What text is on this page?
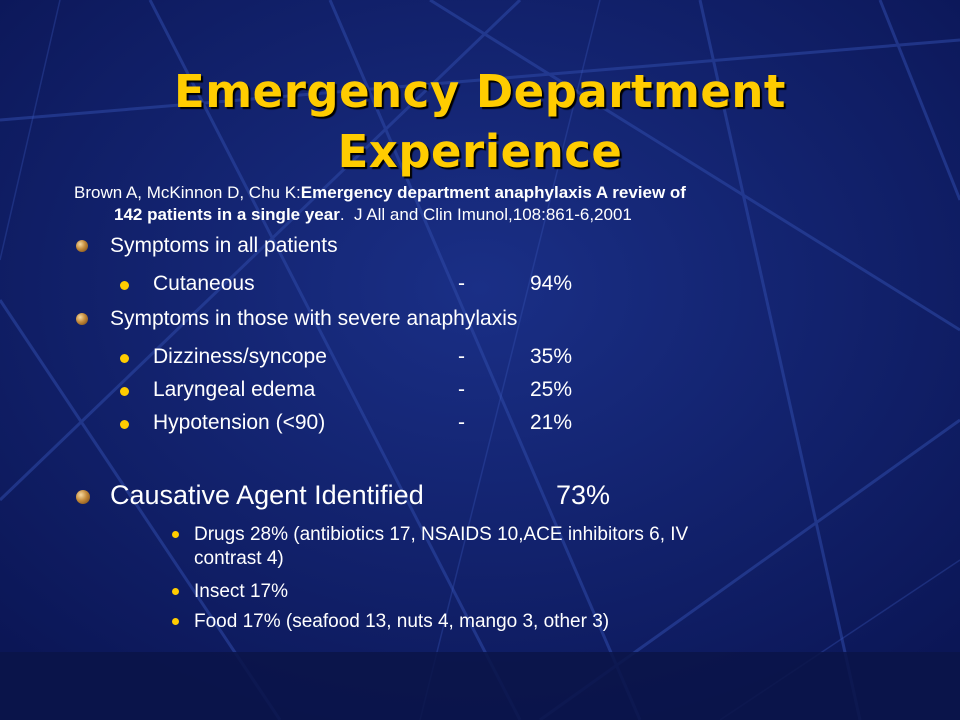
Emergency Department
Experience
Brown A, McKinnon D, Chu K:Emergency department anaphylaxis A review of
142 patients in a single year. J All and Clin Imunol,108:861-6,2001
Symptoms in all patients
Cutaneous	-	94%
Symptoms in those with severe anaphylaxis
Dizziness/syncope	-	35%
Laryngeal edema	-	25%
Hypotension (<90)	-	21%
Causative Agent Identified	73%
Drugs 28% (antibiotics 17, NSAIDS 10,ACE inhibitors 6, IV
contrast 4)
Insect 17%
Food 17% (seafood 13, nuts 4, mango 3, other 3)
